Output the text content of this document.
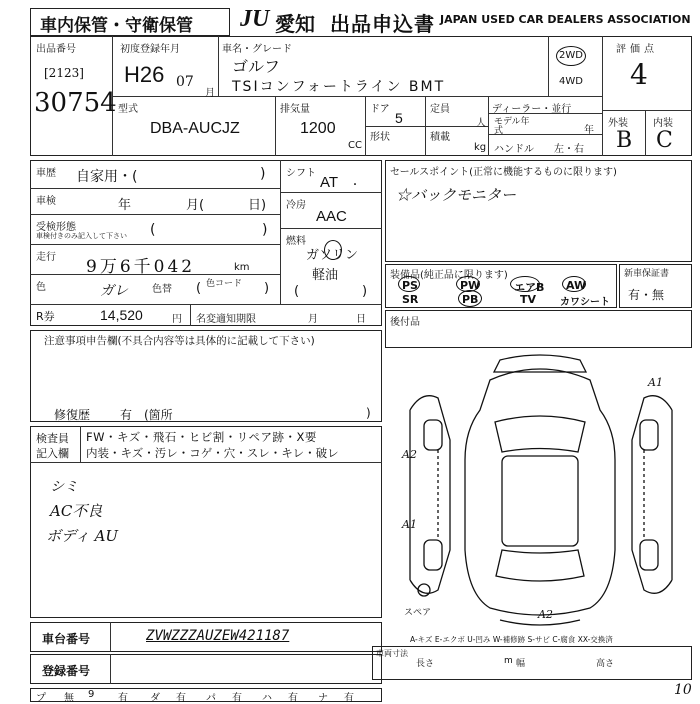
車内保管・守衛保管 JU 愛知 出品申込書 JAPAN USED CAR DEALERS ASSOCIATION
出品番号
[2123]
30754
初度登録年月
H26 07
月
車名・グレード
ゴルフ
TSIコンフォートライン BMT
2WD
4WD
評価点
4
外装	内装
B C
型式
DBA-AUCJZ
排気量
1200
CC
ドア
5
形状
定員
人
積載
kg
ディーラー・並行
モデル年式	年
ハンドル 左・右
車歴 自家用・(	)
車検	年	月(	日)
受検形態
車検付きのみ記入して下さい (	)
走行 9万6千042	km
色	ガレ 色替 (	)
色コード
シフト
AT ・
冷房
AAC
燃料
ガソリン
軽油
(	)
R券	14,520	円 名変適知期限	月	日
セールスポイント(正常に機能するものに限ります)
☆バックモニター
装備品(純正品に限ります)
PS	PW	エアB AW
SR	PB	TV カワシート
新車保証書
有・無
後付品
注意事項申告欄(不具合内容等は具体的に記載して下さい)
修復歴 有 (箇所	)
検査員
記入欄
FW・キズ・飛石・ヒビ割・リペア跡・X要
内装・キズ・汚レ・コゲ・穴・スレ・キレ・破レ
シミ
AC不良
ボディ AU
スペア
A1
A2
A1
A2
A-キズ E-エクボ U-凹み W-補修跡 S-サビ C-腐食 XX-交換済
車台番号	ZVWZZZAUZEW421187
登録番号
車両寸法
長さ	m 幅	高さ
プ 無 9 有 ダ 有 パ 有 ハ 有 ナ 有
10
